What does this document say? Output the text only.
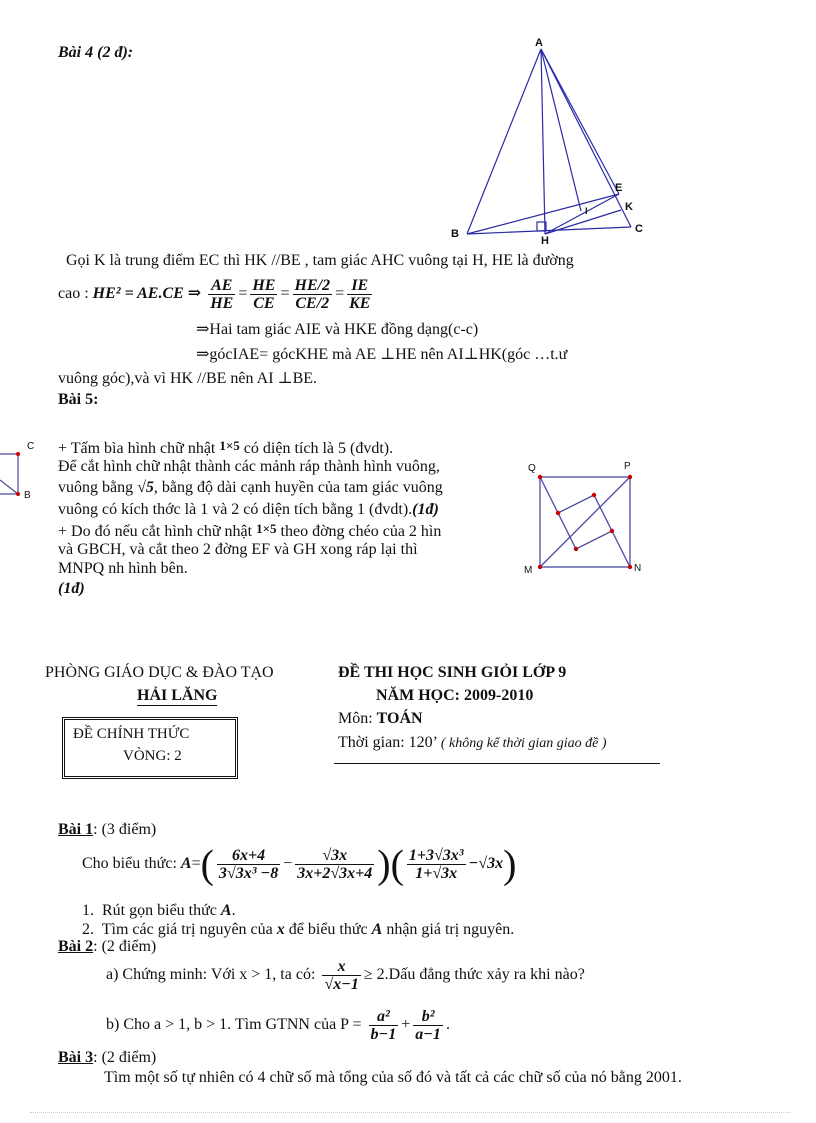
Bài 4 (2 đ):
A
B	C
E
K
H
I
Gọi K là trung điểm EC thì HK //BE , tam giác AHC vuông tại H, HE là đường
cao : HE² = AE.CE ⇒ $\frac{AE}{HE} = \frac{HE}{CE} = \frac{HE/2}{CE/2} = \frac{IE}{KE}$
⇒Hai tam giác AIE và HKE đồng dạng(c-c)
⇒gócIAE= gócKHE mà AE ⊥HE nên AI⊥HK(góc …t.ư
vuông góc),và vì HK //BE nên AI ⊥BE.
Bài 5:
C
B
+ Tấm bìa hình chữ nhật 1×5 có diện tích là 5 (đvdt).
Để cắt hình chữ nhật thành các mảnh ráp thành hình vuông,
vuông bằng √5, bằng độ dài cạnh huyền của tam giác vuông
vuông có kích thớc là 1 và 2 có diện tích bằng 1 (đvdt).(1đ)
+ Do đó nếu cắt hình chữ nhật 1×5 theo đờng chéo của 2 hìn
và GBCH, và cắt theo 2 đờng EF và GH xong ráp lại thì
MNPQ nh hình bên.
(1đ)
Q	P
M	N
PHÒNG GIÁO DỤC & ĐÀO TẠO
HẢI LĂNG
ĐỀ CHÍNH THỨC
VÒNG: 2
ĐỀ THI HỌC SINH GIỎI LỚP 9
NĂM HỌC: 2009-2010
Môn: TOÁN
Thời gian: 120’ ( không kể thời gian giao đề )
Bài 1: (3 điểm)
Cho biểu thức: $A=( \frac{6x+4}{\text{3√3x³ −8}} - \frac{√3x}{3x+2√3x+4}$ )( $\frac{\text{1+3√3x³}}{1+√3x} -√3x$)
1. Rút gọn biểu thức A.
2. Tìm các giá trị nguyên của x để biểu thức A nhận giá trị nguyên.
Bài 2: (2 điểm)
a) Chứng minh: Với x > 1, ta có: $\frac{x}{√x-1}$ ≥ 2.Dấu đẳng thức xảy ra khi nào?
b) Cho a > 1, b > 1. Tìm GTNN của $P = \frac{\text{a²}}{b-1} + \frac{\text{b²}}{a-1}$ .
Bài 3: (2 điểm)
Tìm một số tự nhiên có 4 chữ số mà tổng của số đó và tất cả các chữ số của nó bằng 2001.
